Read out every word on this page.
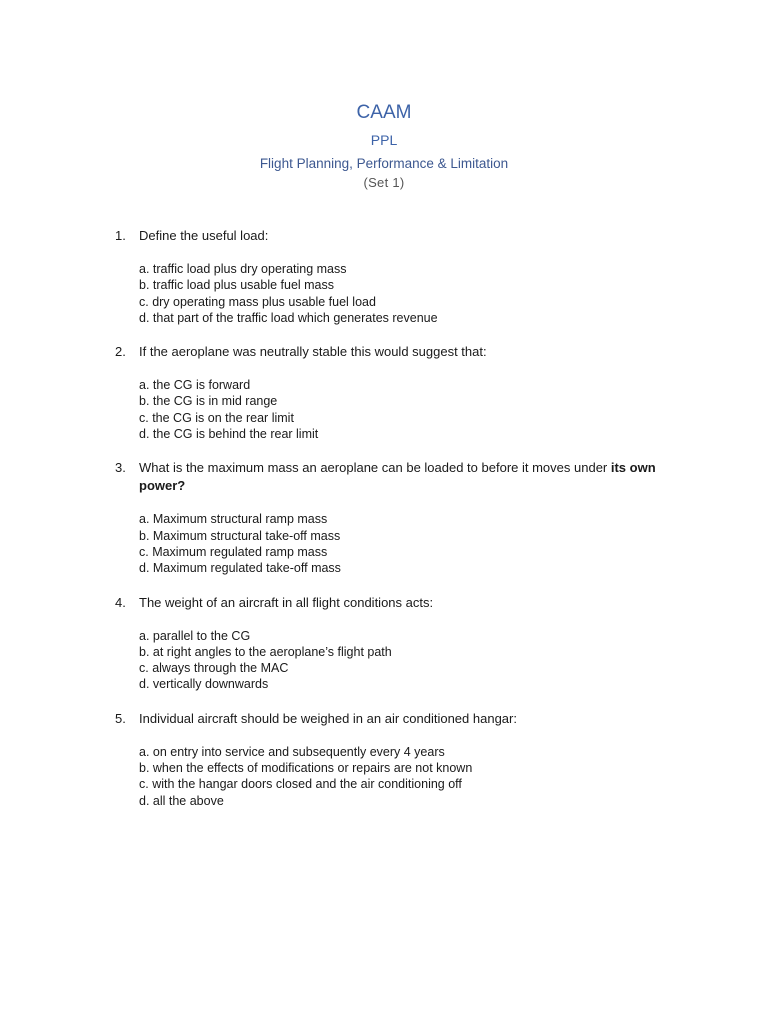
CAAM
PPL
Flight Planning, Performance & Limitation
(Set 1)
1.	Define the useful load:
a. traffic load plus dry operating mass
b. traffic load plus usable fuel mass
c. dry operating mass plus usable fuel load
d. that part of the traffic load which generates revenue
2.	If the aeroplane was neutrally stable this would suggest that:
a. the CG is forward
b. the CG is in mid range
c. the CG is on the rear limit
d. the CG is behind the rear limit
3.	What is the maximum mass an aeroplane can be loaded to before it moves under its own power?
a. Maximum structural ramp mass
b. Maximum structural take-off mass
c. Maximum regulated ramp mass
d. Maximum regulated take-off mass
4.	The weight of an aircraft in all flight conditions acts:
a. parallel to the CG
b. at right angles to the aeroplane’s flight path
c. always through the MAC
d. vertically downwards
5.	Individual aircraft should be weighed in an air conditioned hangar:
a. on entry into service and subsequently every 4 years
b. when the effects of modifications or repairs are not known
c. with the hangar doors closed and the air conditioning off
d. all the above
